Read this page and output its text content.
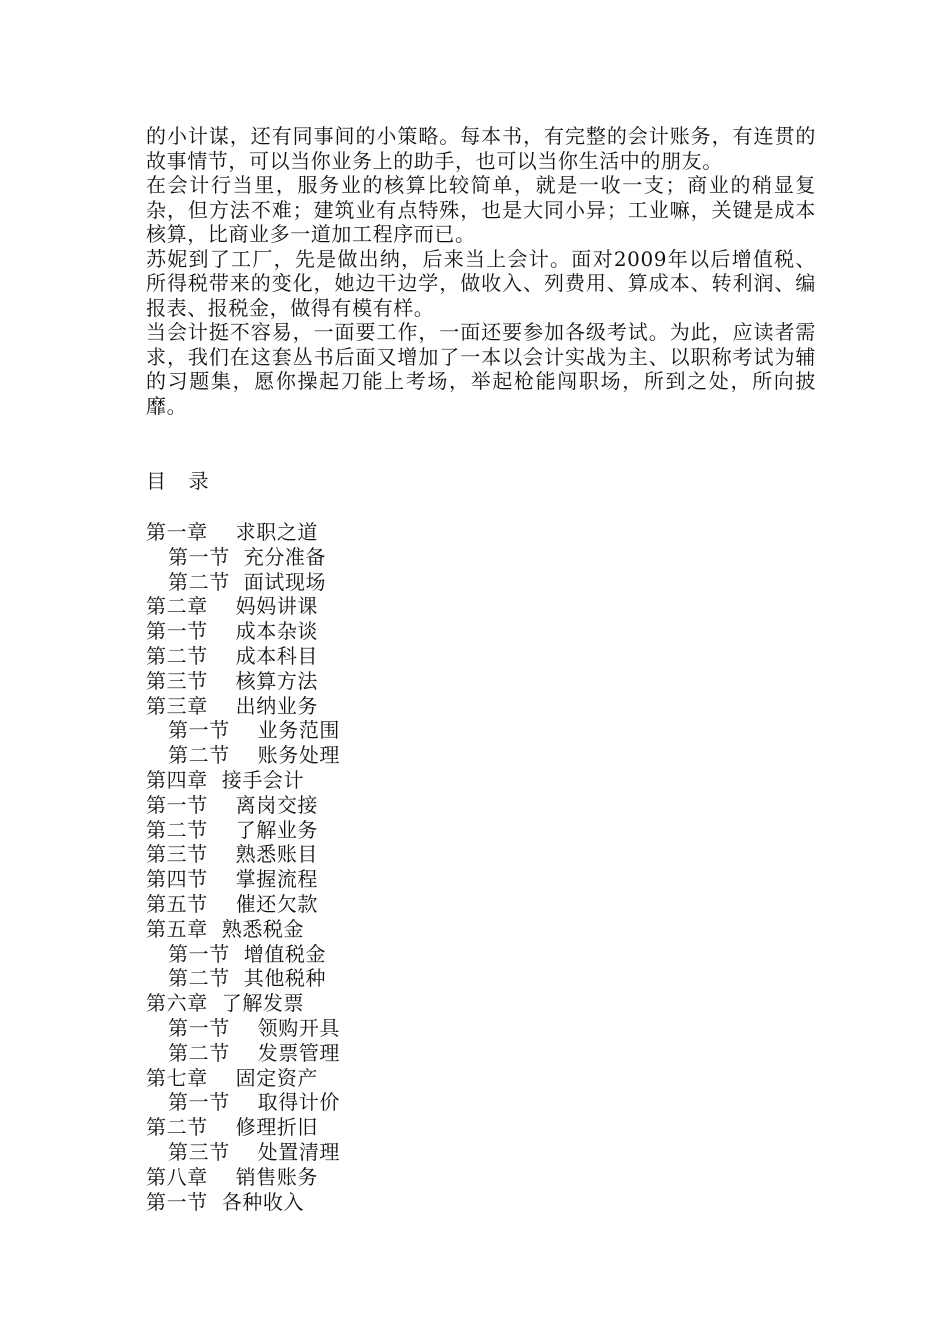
的小计谋，还有同事间的小策略。每本书，有完整的会计账务，有连贯的故事情节，可以当你业务上的助手，也可以当你生活中的朋友。

在会计行当里，服务业的核算比较简单，就是一收一支；商业的稍显复杂，但方法不难；建筑业有点特殊，也是大同小异；工业嘛，关键是成本核算，比商业多一道加工程序而已。

苏妮到了工厂，先是做出纳，后来当上会计。面对2009年以后增值税、所得税带来的变化，她边干边学，做收入、列费用、算成本、转利润、编报表、报税金，做得有模有样。

当会计挺不容易，一面要工作，一面还要参加各级考试。为此，应读者需求，我们在这套丛书后面又增加了一本以会计实战为主、以职称考试为辅的习题集，愿你操起刀能上考场，举起枪能闯职场，所到之处，所向披靡。

目 录
第一章    求职之道
第一节  充分准备
第二节  面试现场
第二章    妈妈讲课
第一节    成本杂谈
第二节    成本科目
第三节    核算方法
第三章    出纳业务
第一节    业务范围
第二节    账务处理
第四章  接手会计
第一节    离岗交接
第二节    了解业务
第三节    熟悉账目
第四节    掌握流程
第五节    催还欠款
第五章  熟悉税金
第一节  增值税金
第二节  其他税种
第六章  了解发票
第一节    领购开具
第二节    发票管理
第七章    固定资产
第一节    取得计价
第二节    修理折旧
第三节    处置清理
第八章    销售账务
第一节  各种收入
